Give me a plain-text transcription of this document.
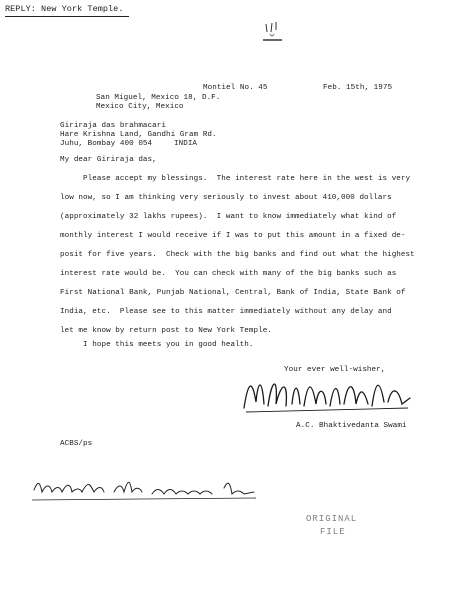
REPLY: New York Temple.
Montiel No. 45	Feb. 15th, 1975
San Miguel, Mexico 18, D.F.
Mexico City, Mexico
Giriraja das brahmacari
Hare Krishna Land, Gandhi Gram Rd.
Juhu, Bombay 400 054	INDIA
My dear Giriraja das,
Please accept my blessings.  The interest rate here in the west is very
low now, so I am thinking very seriously to invest about 410,000 dollars
(approximately 32 lakhs rupees).  I want to know immediately what kind of
monthly interest I would receive if I was to put this amount in a fixed de-
posit for five years.  Check with the big banks and find out what the highest
interest rate would be.  You can check with many of the big banks such as
First National Bank, Punjab National, Central, Bank of India, State Bank of
India, etc.  Please see to this matter immediately without any delay and
let me know by return post to New York Temple.
I hope this meets you in good health.
Your ever well-wisher,
A.C. Bhaktivedanta Swami
ACBS/ps
ORIGINAL
FILE
